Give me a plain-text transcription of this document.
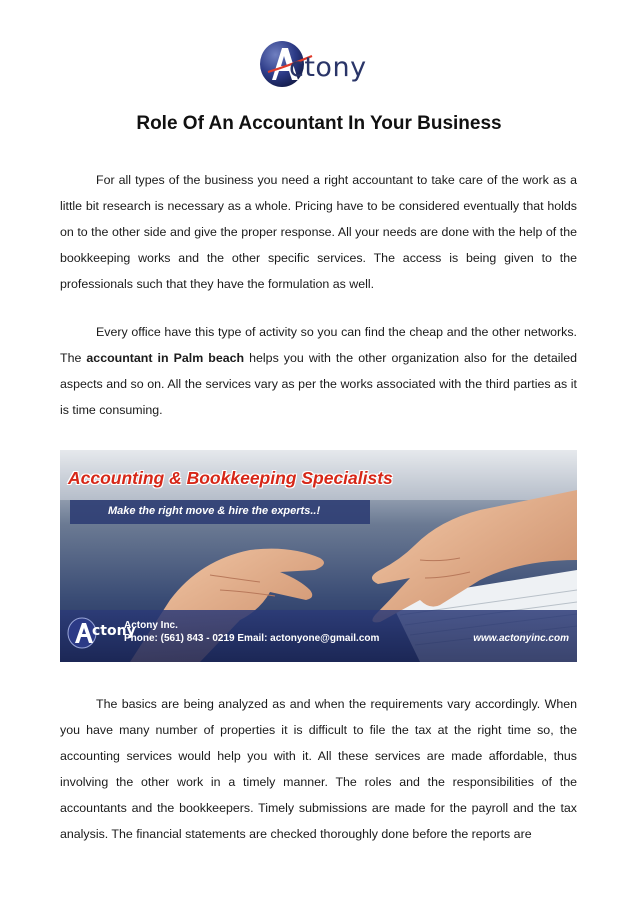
ctony
Role Of An Accountant In Your Business

For all types of the business you need a right accountant to take care of the work as a little bit research is necessary as a whole. Pricing have to be considered eventually that holds on to the other side and give the proper response. All your needs are done with the help of the bookkeeping works and the other specific services. The access is being given to the professionals such that they have the formulation as well.

Every office have this type of activity so you can find the cheap and the other networks. The accountant in Palm beach helps you with the other organization also for the detailed aspects and so on. All the services vary as per the works associated with the third parties as it is time consuming.

ctony
Accounting & Bookkeeping Specialists
Make the right move & hire the experts..!
Actony Inc.
Phone: (561) 843 - 0219 Email: actonyone@gmail.com	www.actonyinc.com

The basics are being analyzed as and when the requirements vary accordingly. When you have many number of properties it is difficult to file the tax at the right time so, the accounting services would help you with it. All these services are made affordable, thus involving the other work in a timely manner. The roles and the responsibilities of the accountants and the bookkeepers. Timely submissions are made for the payroll and the tax analysis. The financial statements are checked thoroughly done before the reports are
